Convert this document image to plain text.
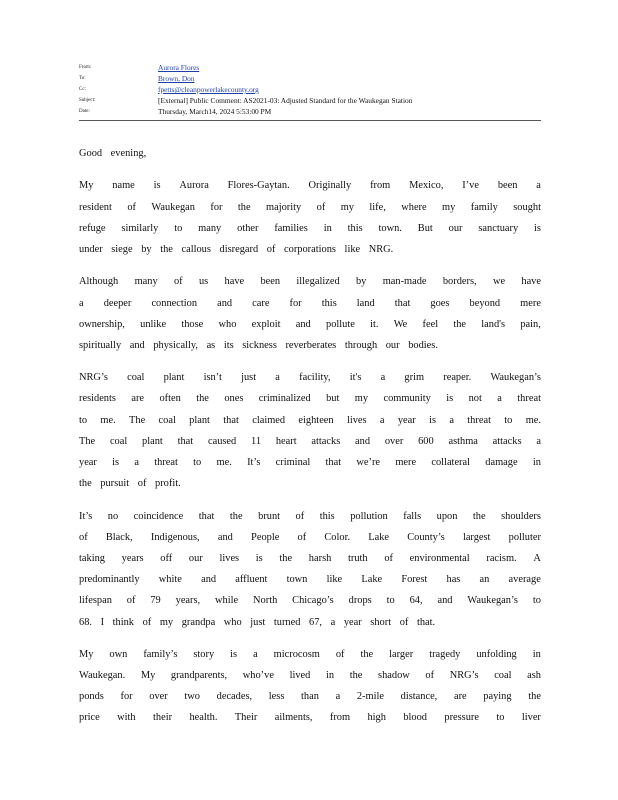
From:	Aurora Flores
To:	Brown, Don
Cc:	fpetts@cleanpowerlakecounty.org
Subject:	[External] Public Comment: AS2021-03: Adjusted Standard for the Waukegan Station
Date:	Thursday, March14, 2024 5:53:00 PM
Good evening,
My name is Aurora Flores-Gaytan. Originally from Mexico, I’ve been a
resident of Waukegan for the majority of my life, where my family sought
refuge similarly to many other families in this town. But our sanctuary is
under siege by the callous disregard of corporations like NRG.
Although many of us have been illegalized by man-made borders, we have
a deeper connection and care for this land that goes beyond mere
ownership, unlike those who exploit and pollute it. We feel the land's pain,
spiritually and physically, as its sickness reverberates through our bodies.
NRG’s coal plant isn’t just a facility, it's a grim reaper. Waukegan’s
residents are often the ones criminalized but my community is not a threat
to me. The coal plant that claimed eighteen lives a year is a threat to me.
The coal plant that caused 11 heart attacks and over 600 asthma attacks a
year is a threat to me. It’s criminal that we’re mere collateral damage in
the pursuit of profit.
It’s no coincidence that the brunt of this pollution falls upon the shoulders
of Black, Indigenous, and People of Color. Lake County’s largest polluter
taking years off our lives is the harsh truth of environmental racism. A
predominantly white and affluent town like Lake Forest has an average
lifespan of 79 years, while North Chicago’s drops to 64, and Waukegan’s to
68. I think of my grandpa who just turned 67, a year short of that.
My own family’s story is a microcosm of the larger tragedy unfolding in
Waukegan. My grandparents, who’ve lived in the shadow of NRG’s coal ash
ponds for over two decades, less than a 2-mile distance, are paying the
price with their health. Their ailments, from high blood pressure to liver
